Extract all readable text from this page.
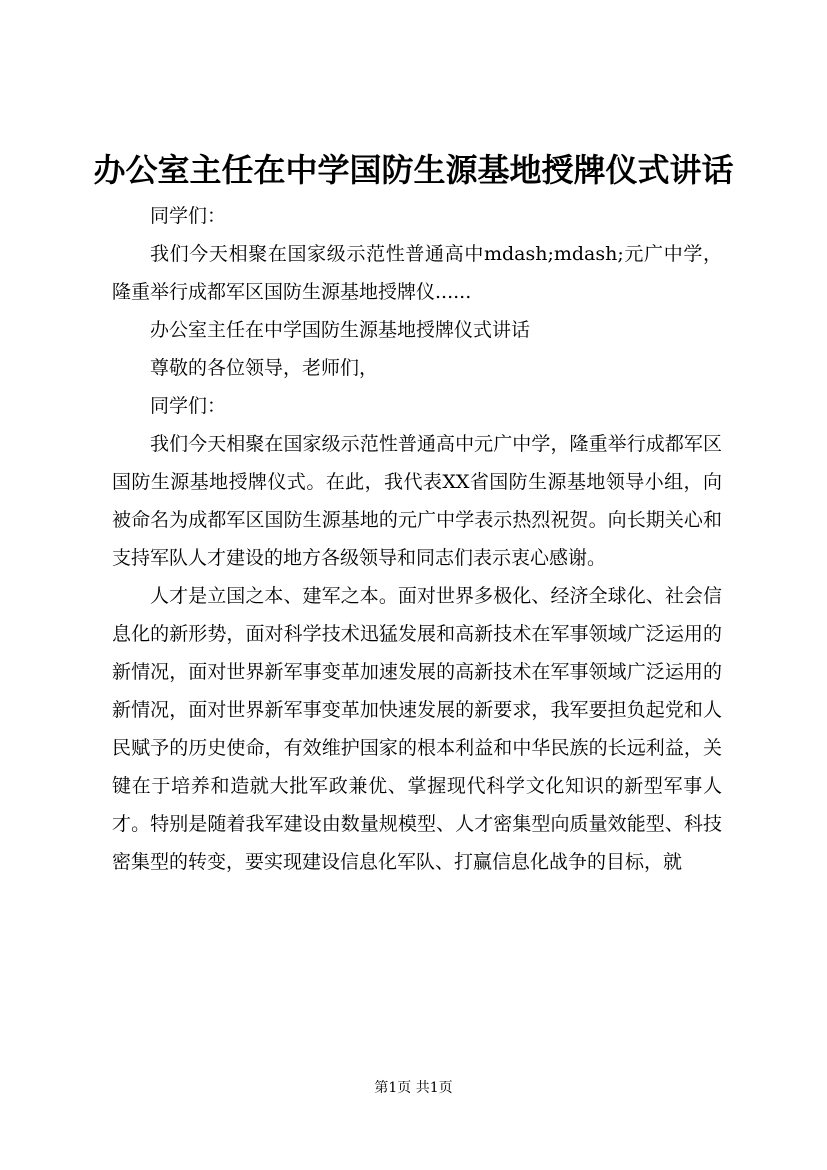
办公室主任在中学国防生源基地授牌仪式讲话

同学们：

我们今天相聚在国家级示范性普通高中mdash;mdash;元广中学，隆重举行成都军区国防生源基地授牌仪......

办公室主任在中学国防生源基地授牌仪式讲话

尊敬的各位领导，老师们，

同学们：

我们今天相聚在国家级示范性普通高中元广中学，隆重举行成都军区国防生源基地授牌仪式。在此，我代表XX省国防生源基地领导小组，向被命名为成都军区国防生源基地的元广中学表示热烈祝贺。向长期关心和支持军队人才建设的地方各级领导和同志们表示衷心感谢。

人才是立国之本、建军之本。面对世界多极化、经济全球化、社会信息化的新形势，面对科学技术迅猛发展和高新技术在军事领域广泛运用的新情况，面对世界新军事变革加速发展的高新技术在军事领域广泛运用的新情况，面对世界新军事变革加快速发展的新要求，我军要担负起党和人民赋予的历史使命，有效维护国家的根本利益和中华民族的长远利益，关键在于培养和造就大批军政兼优、掌握现代科学文化知识的新型军事人才。特别是随着我军建设由数量规模型、人才密集型向质量效能型、科技密集型的转变，要实现建设信息化军队、打赢信息化战争的目标，就

第1页 共1页
